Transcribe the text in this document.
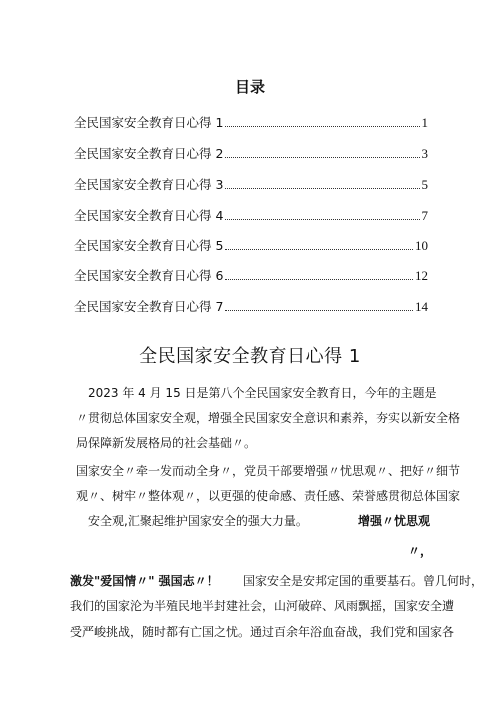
目录
全民国家安全教育日心得 1	1
全民国家安全教育日心得 2	3
全民国家安全教育日心得 3	5
全民国家安全教育日心得 4	7
全民国家安全教育日心得 5	10
全民国家安全教育日心得 6	12
全民国家安全教育日心得 7	14
全民国家安全教育日心得 1
2023 年 4 月 15 日是第八个全民国家安全教育日，今年的主题是
〃贯彻总体国家安全观，增强全民国家安全意识和素养，夯实以新安全格
局保障新发展格局的社会基础〃。
国家安全〃牵一发而动全身〃，党员干部要增强〃忧思观〃、把好〃细节
观〃、树牢〃整体观〃，以更强的使命感、责任感、荣誉感贯彻总体国家
安全观,汇聚起维护国家安全的强大力量。	增强〃忧思观
〃，
激发"爱国情〃" 强国志〃！ 国家安全是安邦定国的重要基石。曾几何时，
我们的国家沦为半殖民地半封建社会，山河破碎、风雨飘摇，国家安全遭
受严峻挑战，随时都有亡国之忧。通过百余年浴血奋战，我们党和国家各
